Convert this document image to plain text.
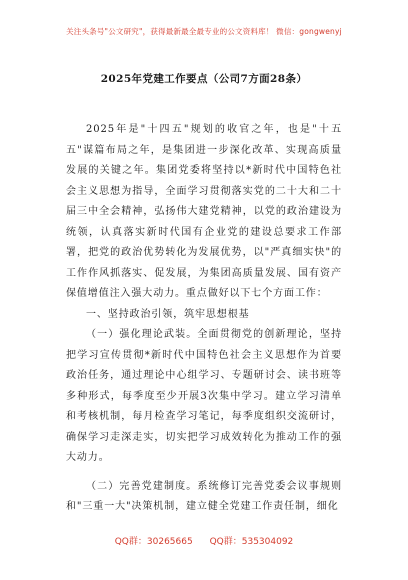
关注头条号"公文研究"，获得最新最全最专业的公文资料库！ 微信：gongwenyj
2025年党建工作要点（公司7方面28条）

2025年是"十四五"规划的收官之年，也是"十五五"谋篇布局之年，是集团进一步深化改革、实现高质量发展的关键之年。集团党委将坚持以*新时代中国特色社会主义思想为指导，全面学习贯彻落实党的二十大和二十届三中全会精神，弘扬伟大建党精神，以党的政治建设为统领，认真落实新时代国有企业党的建设总要求工作部署，把党的政治优势转化为发展优势，以"严真细实快"的工作作风抓落实、促发展，为集团高质量发展、国有资产保值增值注入强大动力。重点做好以下七个方面工作：

一、坚持政治引领，筑牢思想根基

（一）强化理论武装。全面贯彻党的创新理论，坚持把学习宣传贯彻*新时代中国特色社会主义思想作为首要政治任务，通过理论中心组学习、专题研讨会、读书班等多种形式，每季度至少开展3次集中学习。建立学习清单和考核机制，每月检查学习笔记，每季度组织交流研讨，确保学习走深走实，切实把学习成效转化为推动工作的强大动力。

（二）完善党建制度。系统修订完善党委会议事规则和"三重一大"决策机制，建立健全党建工作责任制，细化

QQ群：30265665 QQ群：535304092
